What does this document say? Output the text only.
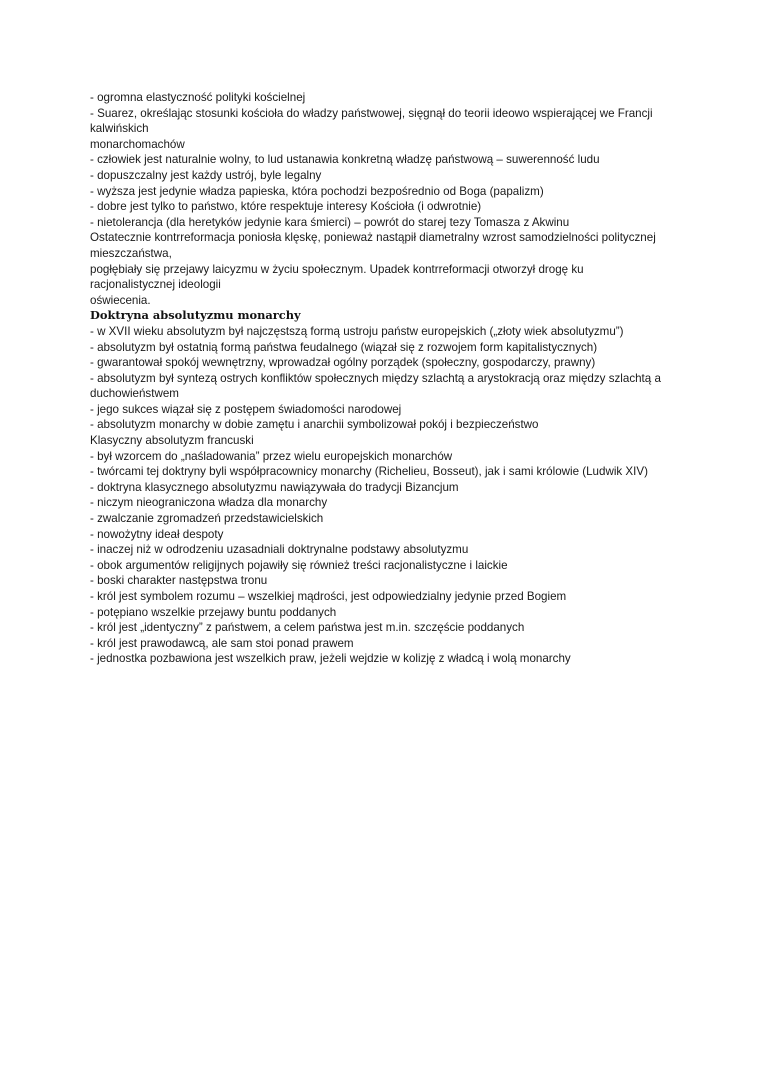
- ogromna elastyczność polityki kościelnej
- Suarez, określając stosunki kościoła do władzy państwowej, sięgnął do teorii ideowo wspierającej we Francji
kalwińskich
monarchomachów
- człowiek jest naturalnie wolny, to lud ustanawia konkretną władzę państwową – suwerenność ludu
- dopuszczalny jest każdy ustrój, byle legalny
- wyższa jest jedynie władza papieska, która pochodzi bezpośrednio od Boga (papalizm)
- dobre jest tylko to państwo, które respektuje interesy Kościoła (i odwrotnie)
- nietolerancja (dla heretyków jedynie kara śmierci) – powrót do starej tezy Tomasza z Akwinu
Ostatecznie kontrreformacja poniosła klęskę, ponieważ nastąpił diametralny wzrost samodzielności politycznej
mieszczaństwa,
pogłębiały się przejawy laicyzmu w życiu społecznym. Upadek kontrreformacji otworzył drogę ku
racjonalistycznej ideologii
oświecenia.
Doktryna absolutyzmu monarchy
- w XVII wieku absolutyzm był najczęstszą formą ustroju państw europejskich („złoty wiek absolutyzmu”)
- absolutyzm był ostatnią formą państwa feudalnego (wiązał się z rozwojem form kapitalistycznych)
- gwarantował spokój wewnętrzny, wprowadzał ogólny porządek (społeczny, gospodarczy, prawny)
- absolutyzm był syntezą ostrych konfliktów społecznych między szlachtą a arystokracją oraz między szlachtą a
duchowieństwem
- jego sukces wiązał się z postępem świadomości narodowej
- absolutyzm monarchy w dobie zamętu i anarchii symbolizował pokój i bezpieczeństwo
Klasyczny absolutyzm francuski
- był wzorcem do „naśladowania” przez wielu europejskich monarchów
- twórcami tej doktryny byli współpracownicy monarchy (Richelieu, Bosseut), jak i sami królowie (Ludwik XIV)
- doktryna klasycznego absolutyzmu nawiązywała do tradycji Bizancjum
- niczym nieograniczona władza dla monarchy
- zwalczanie zgromadzeń przedstawicielskich
- nowożytny ideał despoty
- inaczej niż w odrodzeniu uzasadniali doktrynalne podstawy absolutyzmu
- obok argumentów religijnych pojawiły się również treści racjonalistyczne i laickie
- boski charakter następstwa tronu
- król jest symbolem rozumu – wszelkiej mądrości, jest odpowiedzialny jedynie przed Bogiem
- potępiano wszelkie przejawy buntu poddanych
- król jest „identyczny” z państwem, a celem państwa jest m.in. szczęście poddanych
- król jest prawodawcą, ale sam stoi ponad prawem
- jednostka pozbawiona jest wszelkich praw, jeżeli wejdzie w kolizję z władcą i wolą monarchy
